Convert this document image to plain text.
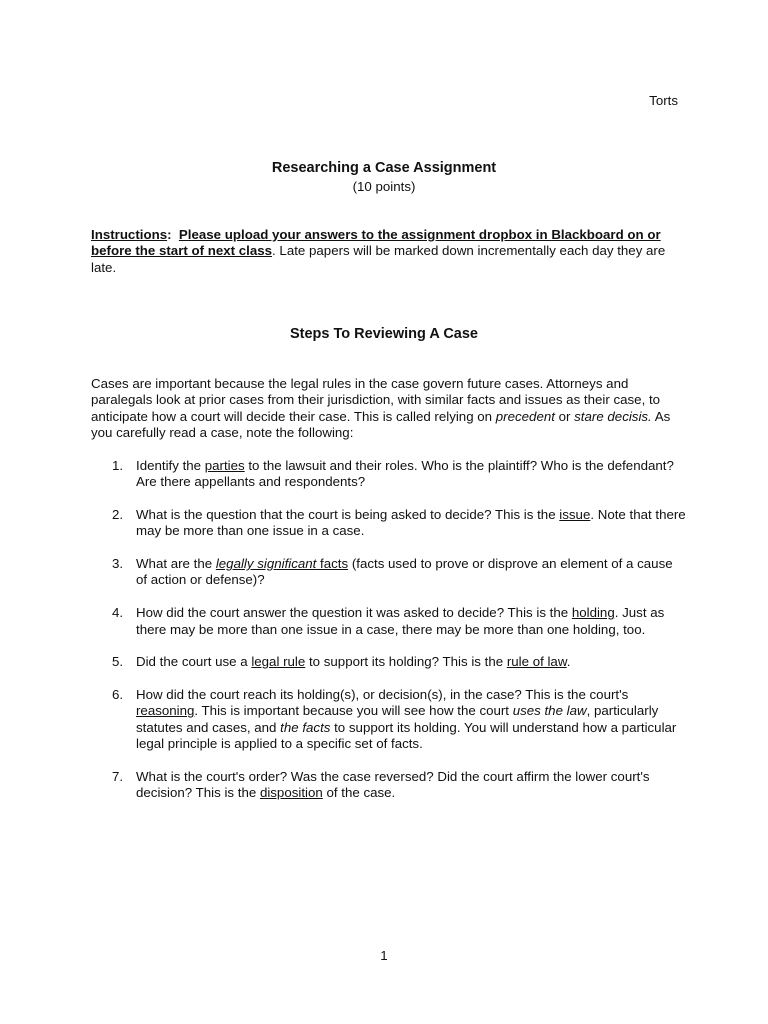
Torts
Researching a Case Assignment
(10 points)
Instructions: Please upload your answers to the assignment dropbox in Blackboard on or before the start of next class. Late papers will be marked down incrementally each day they are late.
Steps To Reviewing A Case
Cases are important because the legal rules in the case govern future cases. Attorneys and paralegals look at prior cases from their jurisdiction, with similar facts and issues as their case, to anticipate how a court will decide their case. This is called relying on precedent or stare decisis. As you carefully read a case, note the following:
1. Identify the parties to the lawsuit and their roles. Who is the plaintiff? Who is the defendant? Are there appellants and respondents?
2. What is the question that the court is being asked to decide? This is the issue. Note that there may be more than one issue in a case.
3. What are the legally significant facts (facts used to prove or disprove an element of a cause of action or defense)?
4. How did the court answer the question it was asked to decide? This is the holding. Just as there may be more than one issue in a case, there may be more than one holding, too.
5. Did the court use a legal rule to support its holding? This is the rule of law.
6. How did the court reach its holding(s), or decision(s), in the case? This is the court's reasoning. This is important because you will see how the court uses the law, particularly statutes and cases, and the facts to support its holding. You will understand how a particular legal principle is applied to a specific set of facts.
7. What is the court's order? Was the case reversed? Did the court affirm the lower court's decision? This is the disposition of the case.
1
